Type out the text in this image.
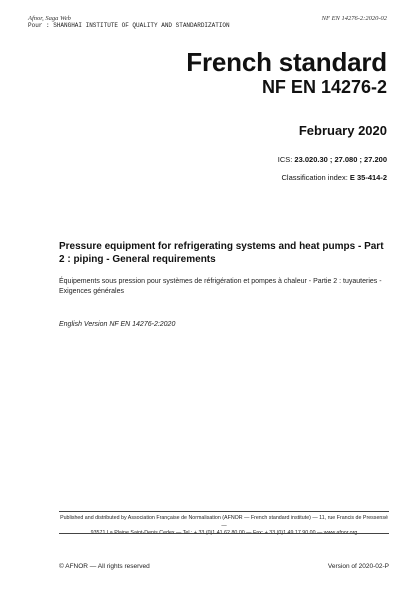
Afnor, Saga Web
Pour : SHANGHAI INSTITUTE OF QUALITY AND STANDARDIZATION
NF EN 14276-2:2020-02
French standard
NF EN 14276-2
February 2020
ICS: 23.020.30 ; 27.080 ; 27.200
Classification index: E 35-414-2
Pressure equipment for refrigerating systems and heat pumps - Part 2 : piping - General requirements
Équipements sous pression pour systèmes de réfrigération et pompes à chaleur - Partie 2 : tuyauteries - Exigences générales
English Version NF EN 14276-2:2020
Published and distributed by Association Française de Normalisation (AFNOR — French standard institute) — 11, rue Francis de Pressensé —
93571 La Plaine Saint-Denis Cedex — Tel.: + 33 (0)1 41 62 80 00 — Fax: + 33 (0)1 49 17 90 00 — www.afnor.org
© AFNOR — All rights reserved	Version of 2020-02-P
